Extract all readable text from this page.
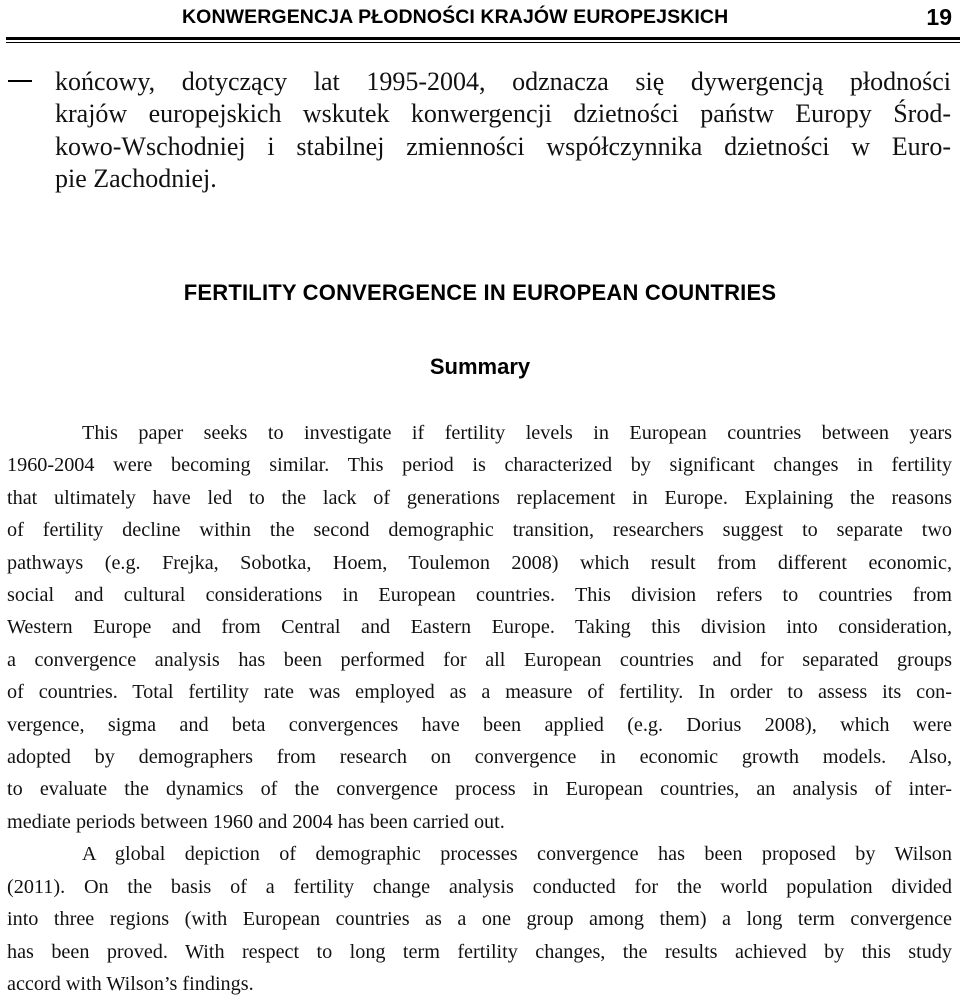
KONWERGENCJA PŁODNOŚCI KRAJÓW EUROPEJSKICH	19
końcowy, dotyczący lat 1995-2004, odznacza się dywergencją płodności
krajów europejskich wskutek konwergencji dzietności państw Europy Środ-
kowo-Wschodniej i stabilnej zmienności współczynnika dzietności w Euro-
pie Zachodniej.
FERTILITY CONVERGENCE IN EUROPEAN COUNTRIES
Summary
This paper seeks to investigate if fertility levels in European countries between years
1960-2004 were becoming similar. This period is characterized by significant changes in fertility
that ultimately have led to the lack of generations replacement in Europe. Explaining the reasons
of fertility decline within the second demographic transition, researchers suggest to separate two
pathways (e.g. Frejka, Sobotka, Hoem, Toulemon 2008) which result from different economic,
social and cultural considerations in European countries. This division refers to countries from
Western Europe and from Central and Eastern Europe. Taking this division into consideration,
a convergence analysis has been performed for all European countries and for separated groups
of countries. Total fertility rate was employed as a measure of fertility. In order to assess its con-
vergence, sigma and beta convergences have been applied (e.g. Dorius 2008), which were
adopted by demographers from research on convergence in economic growth models. Also,
to evaluate the dynamics of the convergence process in European countries, an analysis of inter-
mediate periods between 1960 and 2004 has been carried out.
A global depiction of demographic processes convergence has been proposed by Wilson
(2011). On the basis of a fertility change analysis conducted for the world population divided
into three regions (with European countries as a one group among them) a long term convergence
has been proved. With respect to long term fertility changes, the results achieved by this study
accord with Wilson’s findings.
